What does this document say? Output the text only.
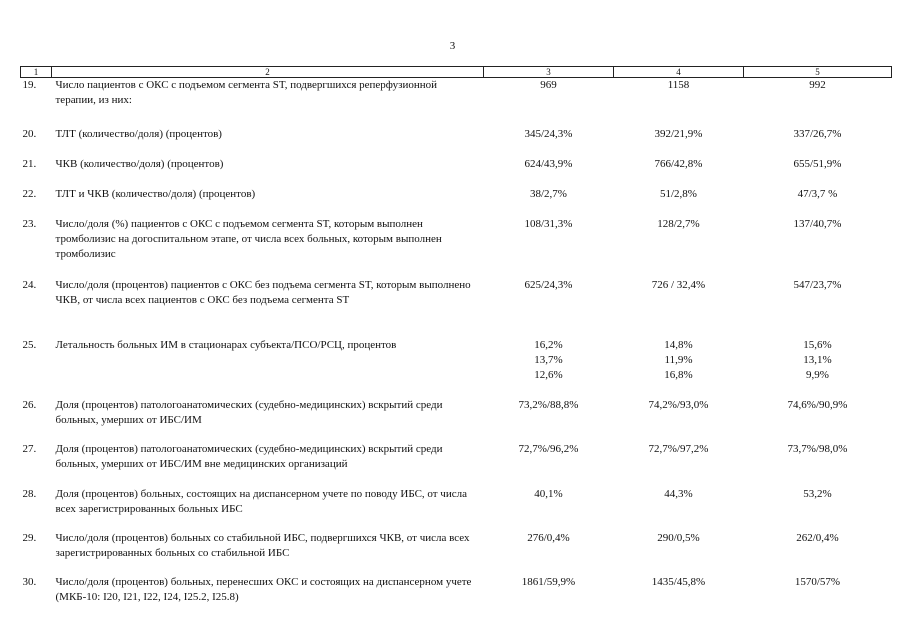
3
1	2	3	4	5
19.	Число пациентов с ОКС с подъемом сегмента ST, подвергшихся реперфузионной терапии, из них:	969	1158	992
20.	ТЛТ (количество/доля) (процентов)	345/24,3%	392/21,9%	337/26,7%
21.	ЧКВ (количество/доля) (процентов)	624/43,9%	766/42,8%	655/51,9%
22.	ТЛТ и ЧКВ (количество/доля) (процентов)	38/2,7%	51/2,8%	47/3,7 %
23.	Число/доля (%) пациентов с ОКС с подъемом сегмента ST, которым выполнен тромболизис на догоспитальном этапе, от числа всех больных, которым выполнен тромболизис	108/31,3%	128/2,7%	137/40,7%
24.	Число/доля (процентов) пациентов с ОКС без подъема сегмента ST, которым выполнено ЧКВ, от числа всех пациентов с ОКС без подъема сегмента ST	625/24,3%	726 / 32,4%	547/23,7%
25.	Летальность больных ИМ в стационарах субъекта/ПСО/РСЦ, процентов	16,2%
13,7%
12,6%	14,8%
11,9%
16,8%	15,6%
13,1%
9,9%

26.	Доля (процентов) патологоанатомических (судебно-медицинских) вскрытий среди больных, умерших от ИБС/ИМ	73,2%/88,8%	74,2%/93,0%	74,6%/90,9%
27.	Доля (процентов) патологоанатомических (судебно-медицинских) вскрытий среди больных, умерших от ИБС/ИМ вне медицинских организаций	72,7%/96,2%	72,7%/97,2%	73,7%/98,0%
28.	Доля (процентов) больных, состоящих на диспансерном учете по поводу ИБС, от числа всех зарегистрированных больных ИБС	40,1%	44,3%	53,2%
29.	Число/доля (процентов) больных со стабильной ИБС, подвергшихся ЧКВ, от числа всех зарегистрированных больных со стабильной ИБС	276/0,4%	290/0,5%	262/0,4%
30.	Число/доля (процентов) больных, перенесших ОКС и состоящих на диспансерном учете (МКБ-10: I20, I21, I22, I24, I25.2, I25.8)	1861/59,9%	1435/45,8%	1570/57%
